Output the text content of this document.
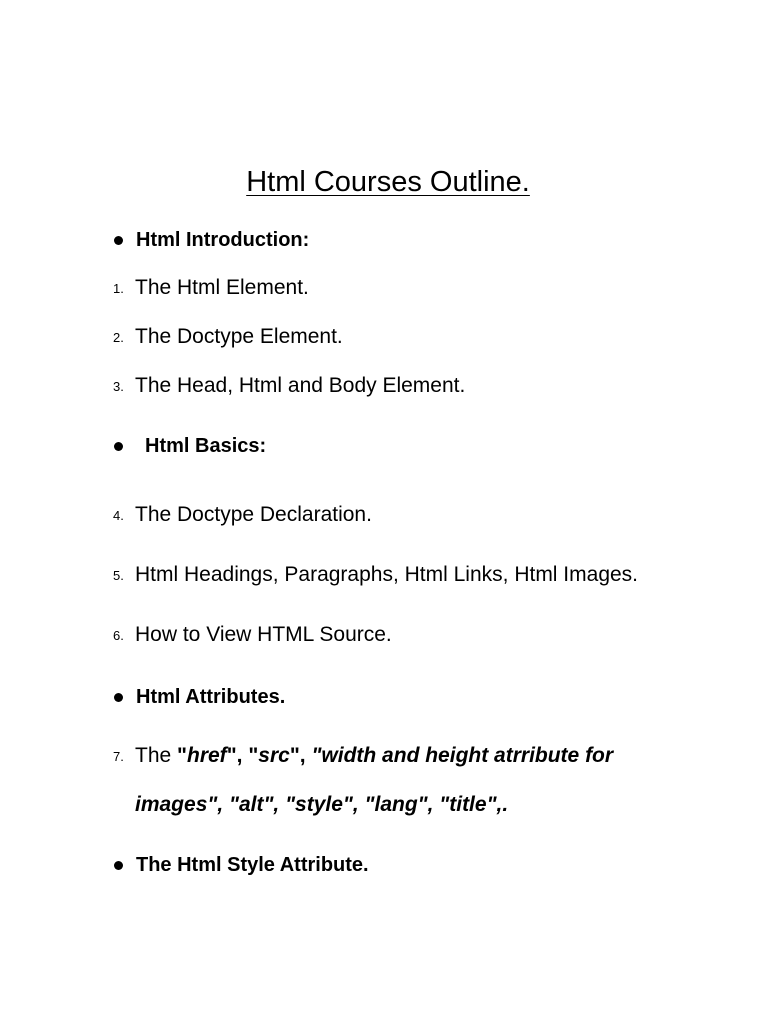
Html Courses Outline.
Html Introduction:
1. The Html Element.
2. The Doctype Element.
3. The Head, Html and Body Element.
Html Basics:
4. The Doctype Declaration.
5. Html Headings, Paragraphs, Html Links, Html Images.
6. How to View HTML Source.
Html Attributes.
7. The "href", "src", "width and height atrribute for
images", "alt", "style", "lang", "title",.
The Html Style Attribute.
